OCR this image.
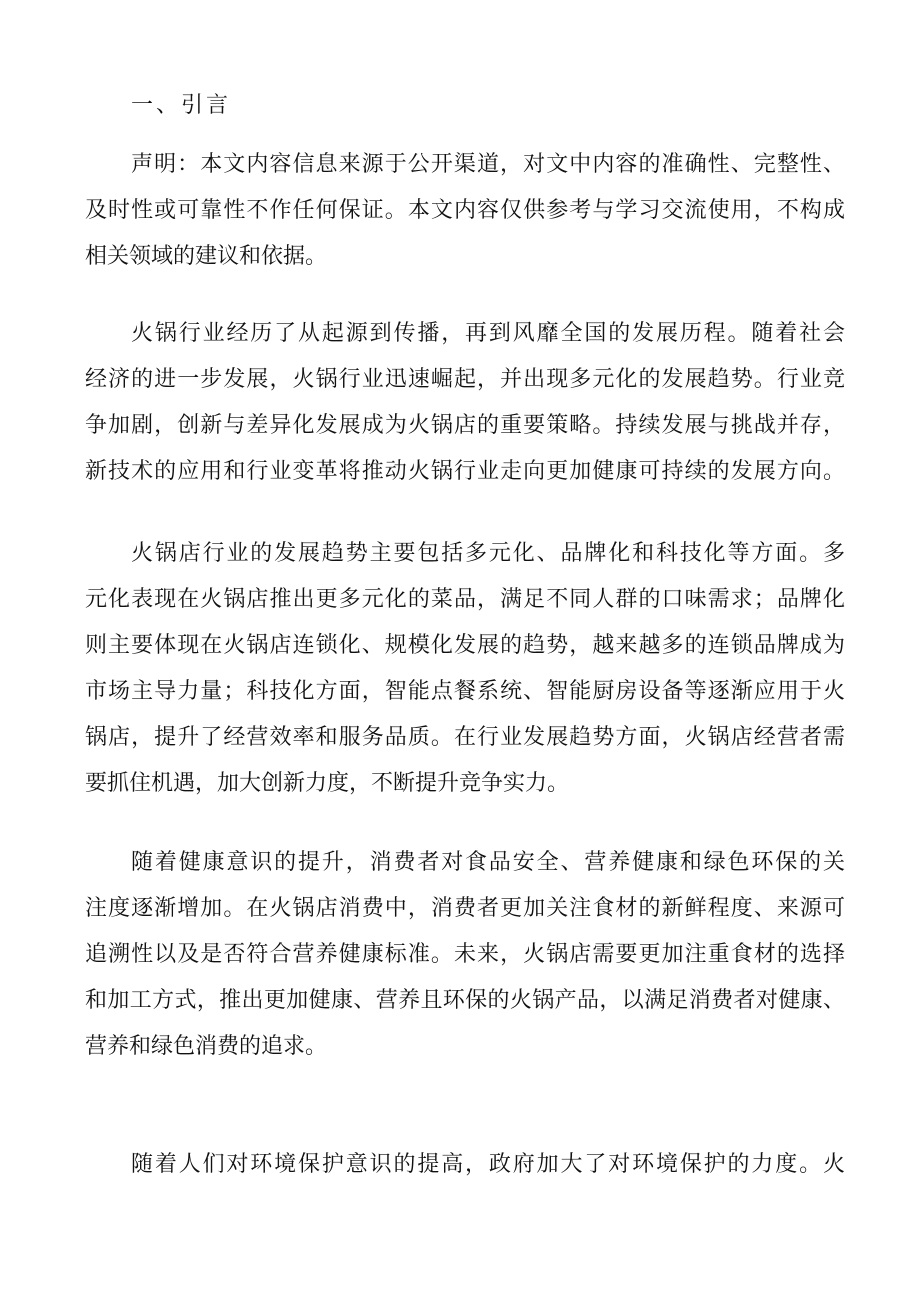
一、引言
声明：本文内容信息来源于公开渠道，对文中内容的准确性、完整性、
及时性或可靠性不作任何保证。本文内容仅供参考与学习交流使用，不构成
相关领域的建议和依据。
火锅行业经历了从起源到传播，再到风靡全国的发展历程。随着社会
经济的进一步发展，火锅行业迅速崛起，并出现多元化的发展趋势。行业竞
争加剧，创新与差异化发展成为火锅店的重要策略。持续发展与挑战并存，
新技术的应用和行业变革将推动火锅行业走向更加健康可持续的发展方向。
火锅店行业的发展趋势主要包括多元化、品牌化和科技化等方面。多
元化表现在火锅店推出更多元化的菜品，满足不同人群的口味需求；品牌化
则主要体现在火锅店连锁化、规模化发展的趋势，越来越多的连锁品牌成为
市场主导力量；科技化方面，智能点餐系统、智能厨房设备等逐渐应用于火
锅店，提升了经营效率和服务品质。在行业发展趋势方面，火锅店经营者需
要抓住机遇，加大创新力度，不断提升竞争实力。
随着健康意识的提升，消费者对食品安全、营养健康和绿色环保的关
注度逐渐增加。在火锅店消费中，消费者更加关注食材的新鲜程度、来源可
追溯性以及是否符合营养健康标准。未来，火锅店需要更加注重食材的选择
和加工方式，推出更加健康、营养且环保的火锅产品，以满足消费者对健康、
营养和绿色消费的追求。
随着人们对环境保护意识的提高，政府加大了对环境保护的力度。火
